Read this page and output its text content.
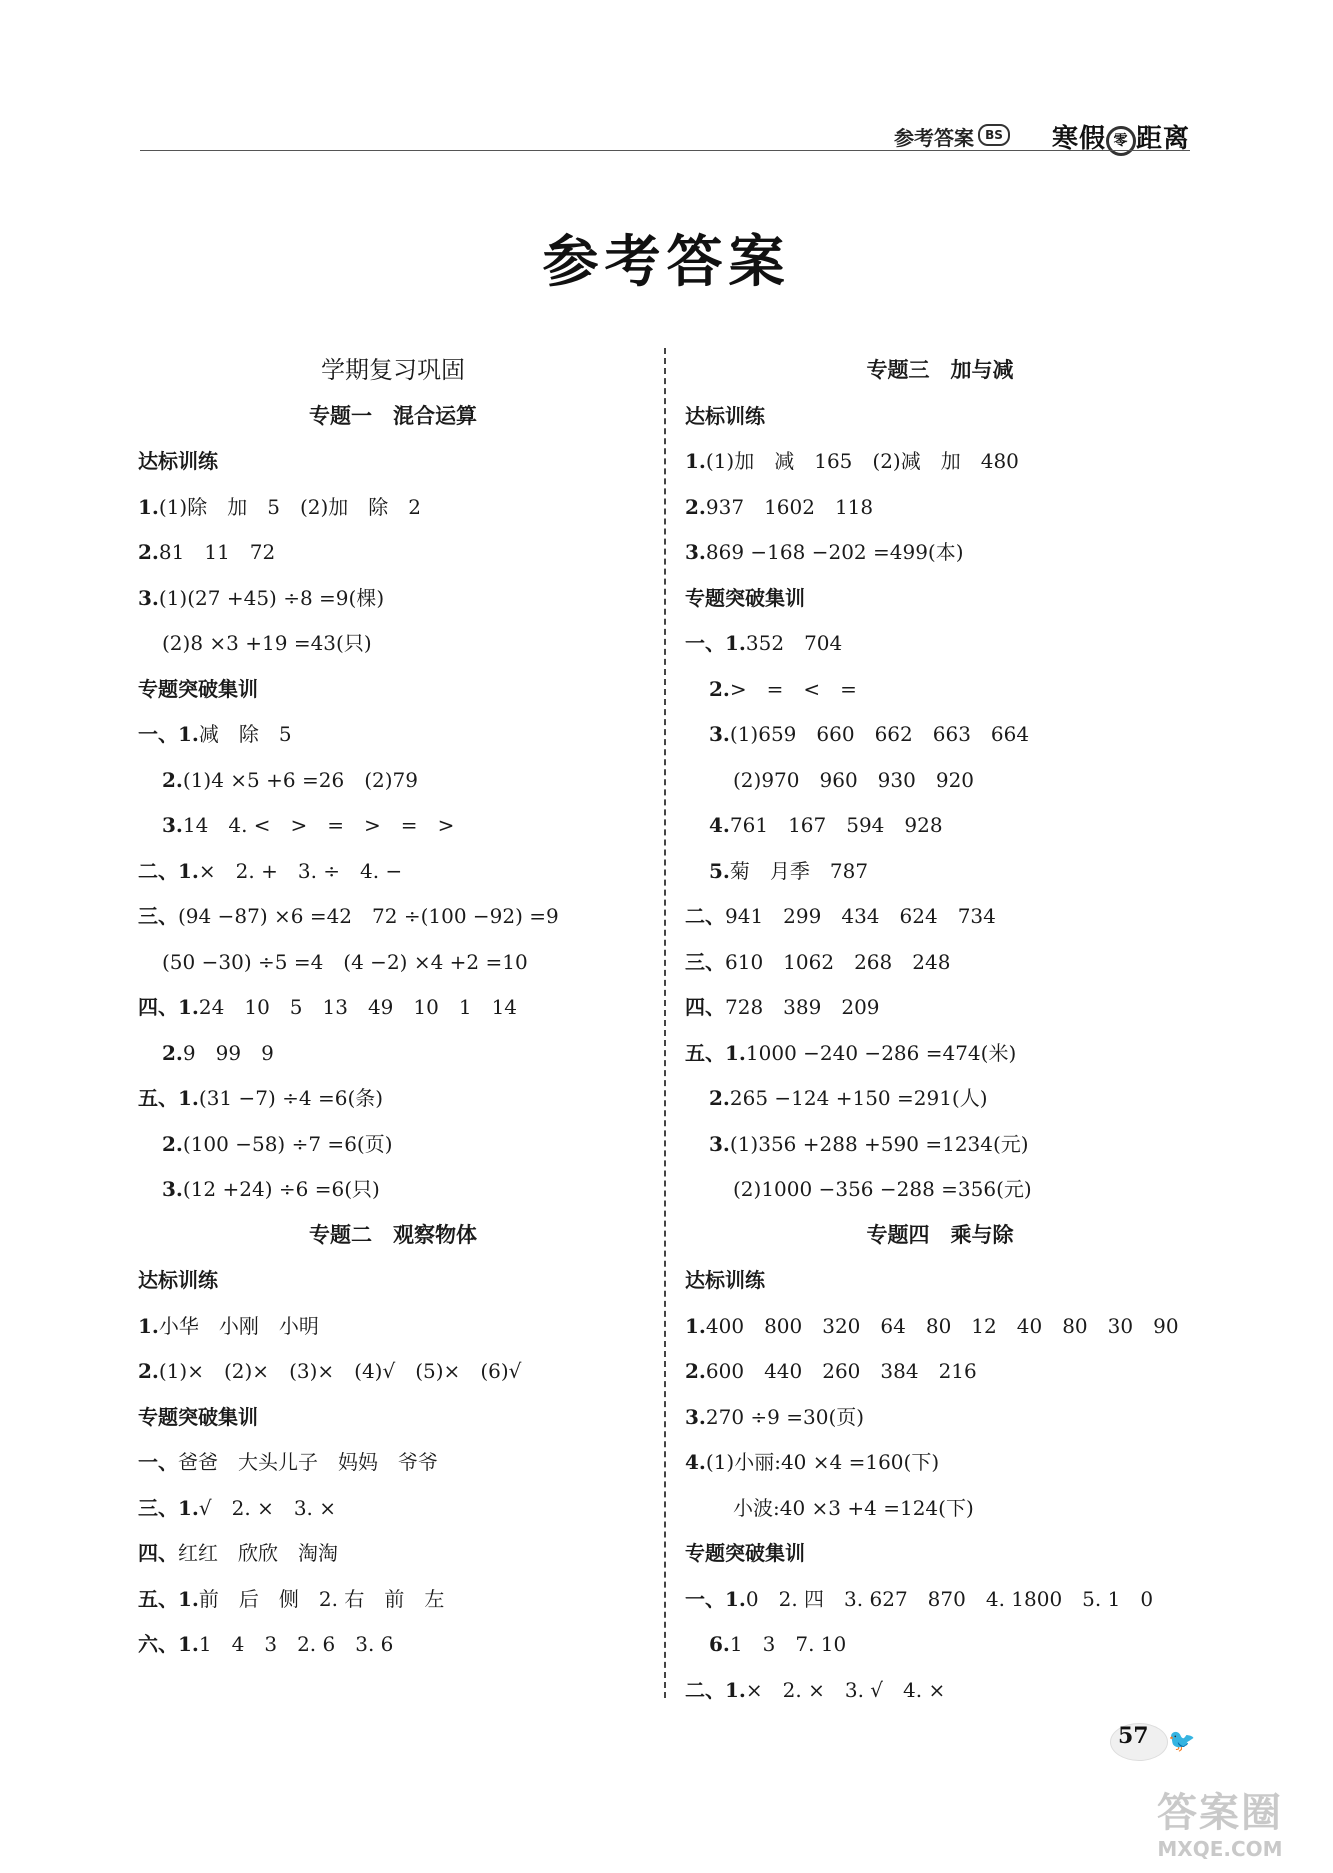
参考答案 BS 寒假 零 距离
参考答案
学期复习巩固
专题一　混合运算
达标训练
1.(1)除　加　5　(2)加　除　2
2.81　11　72
3.(1)(27 +45) ÷8 =9(棵)
(2)8 ×3 +19 =43(只)
专题突破集训
一、1.减　除　5
2.(1)4 ×5 +6 =26　(2)79
3.14　4. <　>　=　>　=　>
二、1.×　2. +　3. ÷　4. −
三、(94 −87) ×6 =42　72 ÷(100 −92) =9
(50 −30) ÷5 =4　(4 −2) ×4 +2 =10
四、1.24　10　5　13　49　10　1　14
2.9　99　9
五、1.(31 −7) ÷4 =6(条)
2.(100 −58) ÷7 =6(页)
3.(12 +24) ÷6 =6(只)
专题二　观察物体
达标训练
1.小华　小刚　小明
2.(1)×　(2)×　(3)×　(4)√　(5)×　(6)√
专题突破集训
一、爸爸　大头儿子　妈妈　爷爷
三、1.√　2. ×　3. ×
四、红红　欣欣　淘淘
五、1.前　后　侧　2. 右　前　左
六、1.1　4　3　2. 6　3. 6
专题三　加与减
达标训练
1.(1)加　减　165　(2)减　加　480
2.937　1602　118
3.869 −168 −202 =499(本)
专题突破集训
一、1.352　704
2.>　=　<　=
3.(1)659　660　662　663　664
(2)970　960　930　920
4.761　167　594　928
5.菊　月季　787
二、941　299　434　624　734
三、610　1062　268　248
四、728　389　209
五、1.1000 −240 −286 =474(米)
2.265 −124 +150 =291(人)
3.(1)356 +288 +590 =1234(元)
(2)1000 −356 −288 =356(元)
专题四　乘与除
达标训练
1.400　800　320　64　80　12　40　80　30　90
2.600　440　260　384　216
3.270 ÷9 =30(页)
4.(1)小丽:40 ×4 =160(下)
小波:40 ×3 +4 =124(下)
专题突破集训
一、1.0　2. 四　3. 627　870　4. 1800　5. 1　0
6.1　3　7. 10
二、1.×　2. ×　3. √　4. ×
57 🐦
答案圈
MXQE.COM
